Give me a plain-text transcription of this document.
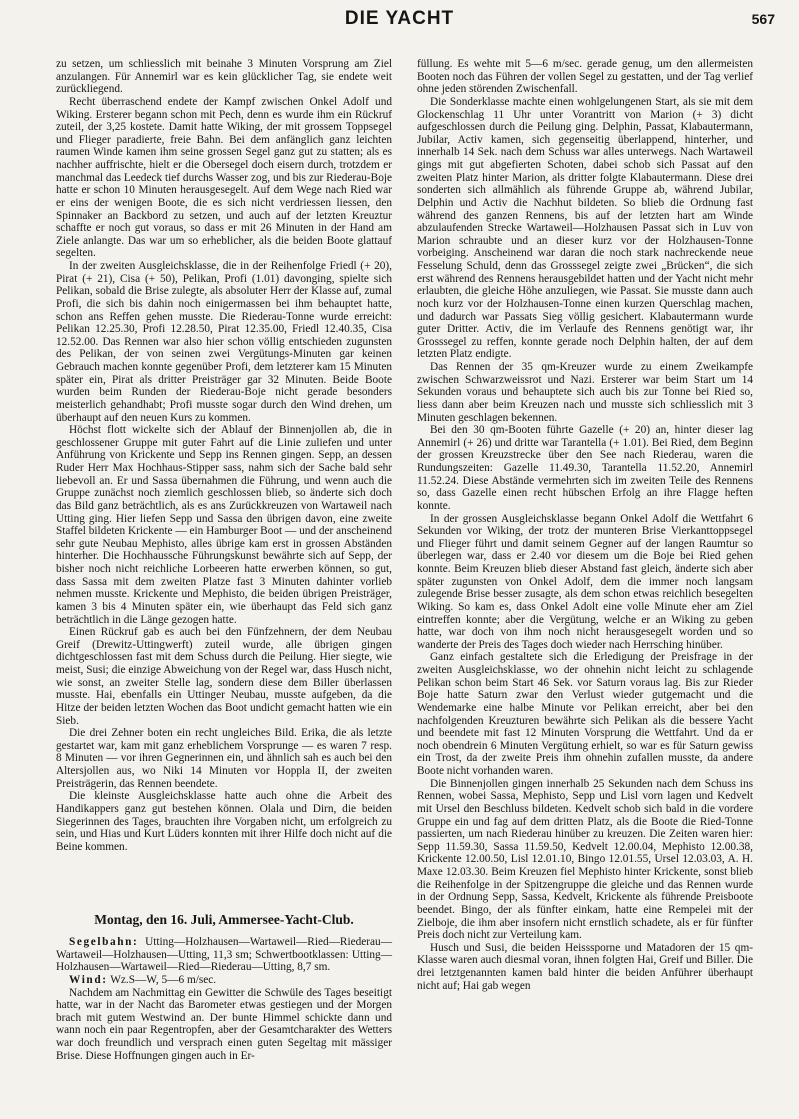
DIE YACHT	567

zu setzen, um schliesslich mit beinahe 3 Minuten Vorsprung am Ziel anzulangen. Für Annemirl war es kein glücklicher Tag, sie endete weit zurückliegend.

Recht überraschend endete der Kampf zwischen Onkel Adolf und Wiking. Ersterer begann schon mit Pech, denn es wurde ihm ein Rückruf zuteil, der 3,25 kostete. Damit hatte Wiking, der mit grossem Toppsegel und Flieger paradierte, freie Bahn. Bei dem anfänglich ganz leichten raumen Winde kamen ihm seine grossen Segel ganz gut zu statten; als es nachher auffrischte, hielt er die Obersegel doch eisern durch, trotzdem er manchmal das Leedeck tief durchs Wasser zog, und bis zur Riederau-Boje hatte er schon 10 Minuten herausgesegelt. Auf dem Wege nach Ried war er eins der wenigen Boote, die es sich nicht verdriessen liessen, den Spinnaker an Backbord zu setzen, und auch auf der letzten Kreuztur schaffte er noch gut voraus, so dass er mit 26 Minuten in der Hand am Ziele anlangte. Das war um so erheblicher, als die beiden Boote glattauf segelten.

In der zweiten Ausgleichsklasse, die in der Reihenfolge Friedl (+ 20), Pirat (+ 21), Cisa (+ 50), Pelikan, Profi (1.01) davonging, spielte sich Pelikan, sobald die Brise zulegte, als absoluter Herr der Klasse auf, zumal Profi, die sich bis dahin noch einigermassen bei ihm behauptet hatte, schon ans Reffen gehen musste. Die Riederau-Tonne wurde erreicht: Pelikan 12.25.30, Profi 12.28.50, Pirat 12.35.00, Friedl 12.40.35, Cisa 12.52.00. Das Rennen war also hier schon völlig entschieden zugunsten des Pelikan, der von seinen zwei Vergütungs-Minuten gar keinen Gebrauch machen konnte gegenüber Profi, dem letzterer kam 15 Minuten später ein, Pirat als dritter Preisträger gar 32 Minuten. Beide Boote wurden beim Runden der Riederau-Boje nicht gerade besonders meisterlich gehandhabt; Profi musste sogar durch den Wind drehen, um überhaupt auf den neuen Kurs zu kommen.

Höchst flott wickelte sich der Ablauf der Binnenjollen ab, die in geschlossener Gruppe mit guter Fahrt auf die Linie zuliefen und unter Anführung von Krickente und Sepp ins Rennen gingen. Sepp, an dessen Ruder Herr Max Hochhaus-Stipper sass, nahm sich der Sache bald sehr liebevoll an. Er und Sassa übernahmen die Führung, und wenn auch die Gruppe zunächst noch ziemlich geschlossen blieb, so änderte sich doch das Bild ganz beträchtlich, als es ans Zurückkreuzen von Wartaweil nach Utting ging. Hier liefen Sepp und Sassa den übrigen davon, eine zweite Staffel bildeten Krickente — ein Hamburger Boot — und der anscheinend sehr gute Neubau Mephisto, alles übrige kam erst in grossen Abständen hinterher. Die Hochhaussche Führungskunst bewährte sich auf Sepp, der bisher noch nicht reichliche Lorbeeren hatte erwerben können, so gut, dass Sassa mit dem zweiten Platze fast 3 Minuten dahinter vorlieb nehmen musste. Krickente und Mephisto, die beiden übrigen Preisträger, kamen 3 bis 4 Minuten später ein, wie überhaupt das Feld sich ganz beträchtlich in die Länge gezogen hatte.

Einen Rückruf gab es auch bei den Fünfzehnern, der dem Neubau Greif (Drewitz-Uttingwerft) zuteil wurde, alle übrigen gingen dichtgeschlossen fast mit dem Schuss durch die Peilung. Hier siegte, wie meist, Susi; die einzige Abweichung von der Regel war, dass Husch nicht, wie sonst, an zweiter Stelle lag, sondern diese dem Biller überlassen musste. Hai, ebenfalls ein Uttinger Neubau, musste aufgeben, da die Hitze der beiden letzten Wochen das Boot undicht gemacht hatten wie ein Sieb.

Die drei Zehner boten ein recht ungleiches Bild. Erika, die als letzte gestartet war, kam mit ganz erheblichem Vorsprunge — es waren 7 resp. 8 Minuten — vor ihren Gegnerinnen ein, und ähnlich sah es auch bei den Altersjollen aus, wo Niki 14 Minuten vor Hoppla II, der zweiten Preisträgerin, das Rennen beendete.

Die kleinste Ausgleichsklasse hatte auch ohne die Arbeit des Handikappers ganz gut bestehen können. Olala und Dirn, die beiden Siegerinnen des Tages, brauchten ihre Vorgaben nicht, um erfolgreich zu sein, und Hias und Kurt Lüders konnten mit ihrer Hilfe doch nicht auf die Beine kommen.

Montag, den 16. Juli, Ammersee-Yacht-Club.

Segelbahn: Utting—Holzhausen—Wartaweil—Ried—Riederau—Wartaweil—Holzhausen—Utting, 11,3 sm; Schwertbootklassen: Utting—Holzhausen—Wartaweil—Ried—Riederau—Utting, 8,7 sm.

Wind: Wz.S—W, 5—6 m/sec.

Nachdem am Nachmittag ein Gewitter die Schwüle des Tages beseitigt hatte, war in der Nacht das Barometer etwas gestiegen und der Morgen brach mit gutem Westwind an. Der bunte Himmel schickte dann und wann noch ein paar Regentropfen, aber der Gesamtcharakter des Wetters war doch freundlich und versprach einen guten Segeltag mit mässiger Brise. Diese Hoffnungen gingen auch in Er-

füllung. Es wehte mit 5—6 m/sec. gerade genug, um den allermeisten Booten noch das Führen der vollen Segel zu gestatten, und der Tag verlief ohne jeden störenden Zwischenfall.

Die Sonderklasse machte einen wohlgelungenen Start, als sie mit dem Glockenschlag 11 Uhr unter Vorantritt von Marion (+ 3) dicht aufgeschlossen durch die Peilung ging. Delphin, Passat, Klabautermann, Jubilar, Activ kamen, sich gegenseitig überlappend, hinterher, und innerhalb 14 Sek. nach dem Schuss war alles unterwegs. Nach Wartaweil gings mit gut abgefierten Schoten, dabei schob sich Passat auf den zweiten Platz hinter Marion, als dritter folgte Klabautermann. Diese drei sonderten sich allmählich als führende Gruppe ab, während Jubilar, Delphin und Activ die Nachhut bildeten. So blieb die Ordnung fast während des ganzen Rennens, bis auf der letzten hart am Winde abzulaufenden Strecke Wartaweil—Holzhausen Passat sich in Luv von Marion schraubte und an dieser kurz vor der Holzhausen-Tonne vorbeiging. Anscheinend war daran die noch stark nachreckende neue Fesselung Schuld, denn das Grosssegel zeigte zwei „Brücken“, die sich erst während des Rennens herausgebildet hatten und der Yacht nicht mehr erlaubten, die gleiche Höhe anzuliegen, wie Passat. Sie musste dann auch noch kurz vor der Holzhausen-Tonne einen kurzen Querschlag machen, und dadurch war Passats Sieg völlig gesichert. Klabautermann wurde guter Dritter. Activ, die im Verlaufe des Rennens genötigt war, ihr Grosssegel zu reffen, konnte gerade noch Delphin halten, der auf dem letzten Platz endigte.

Das Rennen der 35 qm-Kreuzer wurde zu einem Zweikampfe zwischen Schwarzweissrot und Nazi. Ersterer war beim Start um 14 Sekunden voraus und behauptete sich auch bis zur Tonne bei Ried so, liess dann aber beim Kreuzen nach und musste sich schliesslich mit 3 Minuten geschlagen bekennen.

Bei den 30 qm-Booten führte Gazelle (+ 20) an, hinter dieser lag Annemirl (+ 26) und dritte war Tarantella (+ 1.01). Bei Ried, dem Beginn der grossen Kreuzstrecke über den See nach Riederau, waren die Rundungszeiten: Gazelle 11.49.30, Tarantella 11.52.20, Annemirl 11.52.24. Diese Abstände vermehrten sich im zweiten Teile des Rennens so, dass Gazelle einen recht hübschen Erfolg an ihre Flagge heften konnte.

In der grossen Ausgleichsklasse begann Onkel Adolf die Wettfahrt 6 Sekunden vor Wiking, der trotz der munteren Brise Vierkanttoppsegel und Flieger führt und damit seinem Gegner auf der langen Raumtur so überlegen war, dass er 2.40 vor diesem um die Boje bei Ried gehen konnte. Beim Kreuzen blieb dieser Abstand fast gleich, änderte sich aber später zugunsten von Onkel Adolf, dem die immer noch langsam zulegende Brise besser zusagte, als dem schon etwas reichlich besegelten Wiking. So kam es, dass Onkel Adolt eine volle Minute eher am Ziel eintreffen konnte; aber die Vergütung, welche er an Wiking zu geben hatte, war doch von ihm noch nicht herausgesegelt worden und so wanderte der Preis des Tages doch wieder nach Herrsching hinüber.

Ganz einfach gestaltete sich die Erledigung der Preisfrage in der zweiten Ausgleichsklasse, wo der ohnehin nicht leicht zu schlagende Pelikan schon beim Start 46 Sek. vor Saturn voraus lag. Bis zur Rieder Boje hatte Saturn zwar den Verlust wieder gutgemacht und die Wendemarke eine halbe Minute vor Pelikan erreicht, aber bei den nachfolgenden Kreuzturen bewährte sich Pelikan als die bessere Yacht und beendete mit fast 12 Minuten Vorsprung die Wettfahrt. Und da er noch obendrein 6 Minuten Vergütung erhielt, so war es für Saturn gewiss ein Trost, da der zweite Preis ihm ohnehin zufallen musste, da andere Boote nicht vorhanden waren.

Die Binnenjollen gingen innerhalb 25 Sekunden nach dem Schuss ins Rennen, wobei Sassa, Mephisto, Sepp und Lisl vorn lagen und Kedvelt mit Ursel den Beschluss bildeten. Kedvelt schob sich bald in die vordere Gruppe ein und fag auf dem dritten Platz, als die Boote die Ried-Tonne passierten, um nach Riederau hinüber zu kreuzen. Die Zeiten waren hier: Sepp 11.59.30, Sassa 11.59.50, Kedvelt 12.00.04, Mephisto 12.00.38, Krickente 12.00.50, Lisl 12.01.10, Bingo 12.01.55, Ursel 12.03.03, A. H. Maxe 12.03.30. Beim Kreuzen fiel Mephisto hinter Krickente, sonst blieb die Reihenfolge in der Spitzengruppe die gleiche und das Rennen wurde in der Ordnung Sepp, Sassa, Kedvelt, Krickente als führende Preisboote beendet. Bingo, der als fünfter einkam, hatte eine Rempelei mit der Zielboje, die ihm aber insofern nicht ernstlich schadete, als er für fünfter Preis doch nicht zur Verteilung kam.

Husch und Susi, die beiden Heisssporne und Matadoren der 15 qm-Klasse waren auch diesmal voran, ihnen folgten Hai, Greif und Biller. Die drei letztgenannten kamen bald hinter die beiden Anführer überhaupt nicht auf; Hai gab wegen
